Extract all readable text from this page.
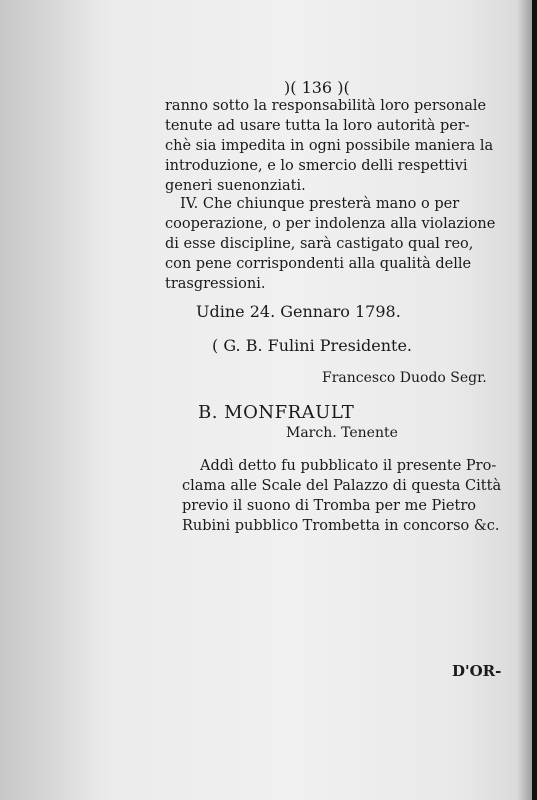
)( 136 )(
ranno sotto la responsabilità loro personale
tenute ad usare tutta la loro autorità per-
chè sia impedita in ogni possibile maniera la
introduzione, e lo smercio delli respettivi
generi suenonziati.
IV. Che chiunque presterà mano o per
cooperazione, o per indolenza alla violazione
di esse discipline, sarà castigato qual reo,
con pene corrispondenti alla qualità delle
trasgressioni.
Udine 24. Gennaro 1798.
( G. B. Fulini Presidente.
Francesco Duodo Segr.
B. MONFRAULT
March. Tenente
Addì detto fu pubblicato il presente Pro-
clama alle Scale del Palazzo di questa Città
previo il suono di Tromba per me Pietro
Rubini pubblico Trombetta in concorso &c.
D'OR-
